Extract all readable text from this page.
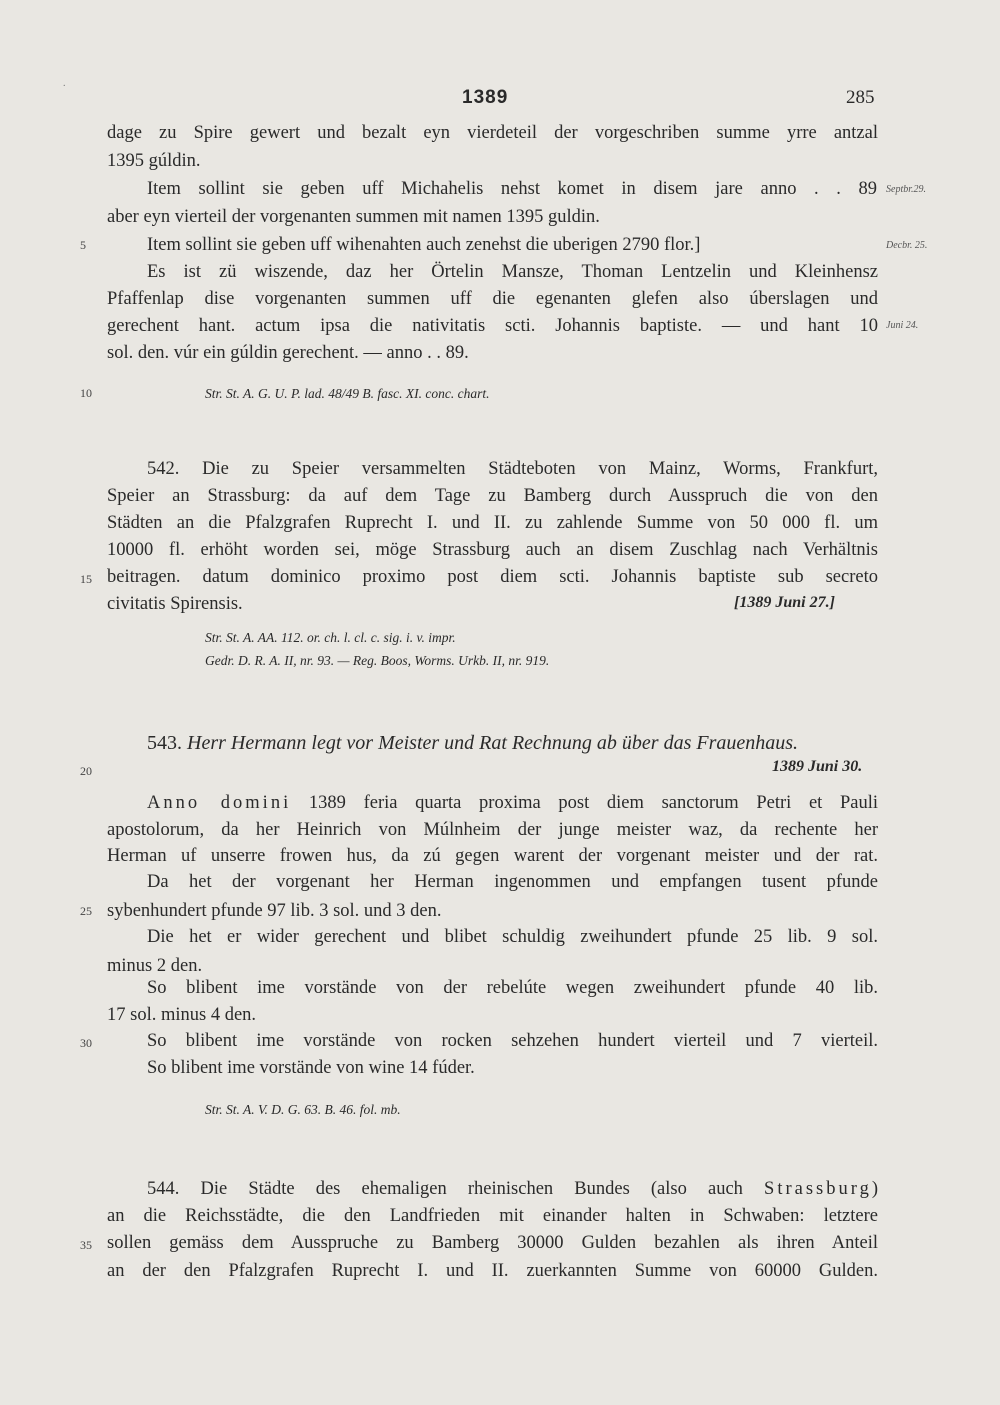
.
1389	285
dage zu Spire gewert und bezalt eyn vierdeteil der vorgeschriben summe yrre antzal
1395 gúldin.
Item sollint sie geben uff Michahelis nehst komet in disem jare anno . . 89
aber eyn vierteil der vorgenanten summen mit namen 1395 guldin.
Item sollint sie geben uff wihenahten auch zenehst die uberigen 2790 flor.]
Es ist zü wiszende, daz her Örtelin Mansze, Thoman Lentzelin und Kleinhensz
Pfaffenlap dise vorgenanten summen uff die egenanten glefen also úberslagen und
gerechent hant. actum ipsa die nativitatis scti. Johannis baptiste. — und hant 10
sol. den. vúr ein gúldin gerechent. — anno . . 89.
Str. St. A. G. U. P. lad. 48/49 B. fasc. XI. conc. chart.
542. Die zu Speier versammelten Städteboten von Mainz, Worms, Frankfurt,
Speier an Strassburg: da auf dem Tage zu Bamberg durch Ausspruch die von den
Städten an die Pfalzgrafen Ruprecht I. und II. zu zahlende Summe von 50 000 fl. um
10000 fl. erhöht worden sei, möge Strassburg auch an disem Zuschlag nach Verhältnis
beitragen. datum dominico proximo post diem scti. Johannis baptiste sub secreto
civitatis Spirensis.	[1389 Juni 27.]
Str. St. A. AA. 112. or. ch. l. cl. c. sig. i. v. impr.
Gedr. D. R. A. II, nr. 93. — Reg. Boos, Worms. Urkb. II, nr. 919.
543. Herr Hermann legt vor Meister und Rat Rechnung ab über das Frauenhaus.
1389 Juni 30.
Anno domini 1389 feria quarta proxima post diem sanctorum Petri et Pauli
apostolorum, da her Heinrich von Múlnheim der junge meister waz, da rechente her
Herman uf unserre frowen hus, da zú gegen warent der vorgenant meister und der rat.
Da het der vorgenant her Herman ingenommen und empfangen tusent pfunde
sybenhundert pfunde 97 lib. 3 sol. und 3 den.
Die het er wider gerechent und blibet schuldig zweihundert pfunde 25 lib. 9 sol.
minus 2 den.
So blibent ime vorstände von der rebelúte wegen zweihundert pfunde 40 lib.
17 sol. minus 4 den.
So blibent ime vorstände von rocken sehzehen hundert vierteil und 7 vierteil.
So blibent ime vorstände von wine 14 fúder.
Str. St. A. V. D. G. 63. B. 46. fol. mb.
544. Die Städte des ehemaligen rheinischen Bundes (also auch Strassburg)
an die Reichsstädte, die den Landfrieden mit einander halten in Schwaben: letztere
sollen gemäss dem Ausspruche zu Bamberg 30000 Gulden bezahlen als ihren Anteil
an der den Pfalzgrafen Ruprecht I. und II. zuerkannten Summe von 60000 Gulden.
5
10
15
20
25
30
35
Septbr.29.
Decbr. 25.
Juni 24.
